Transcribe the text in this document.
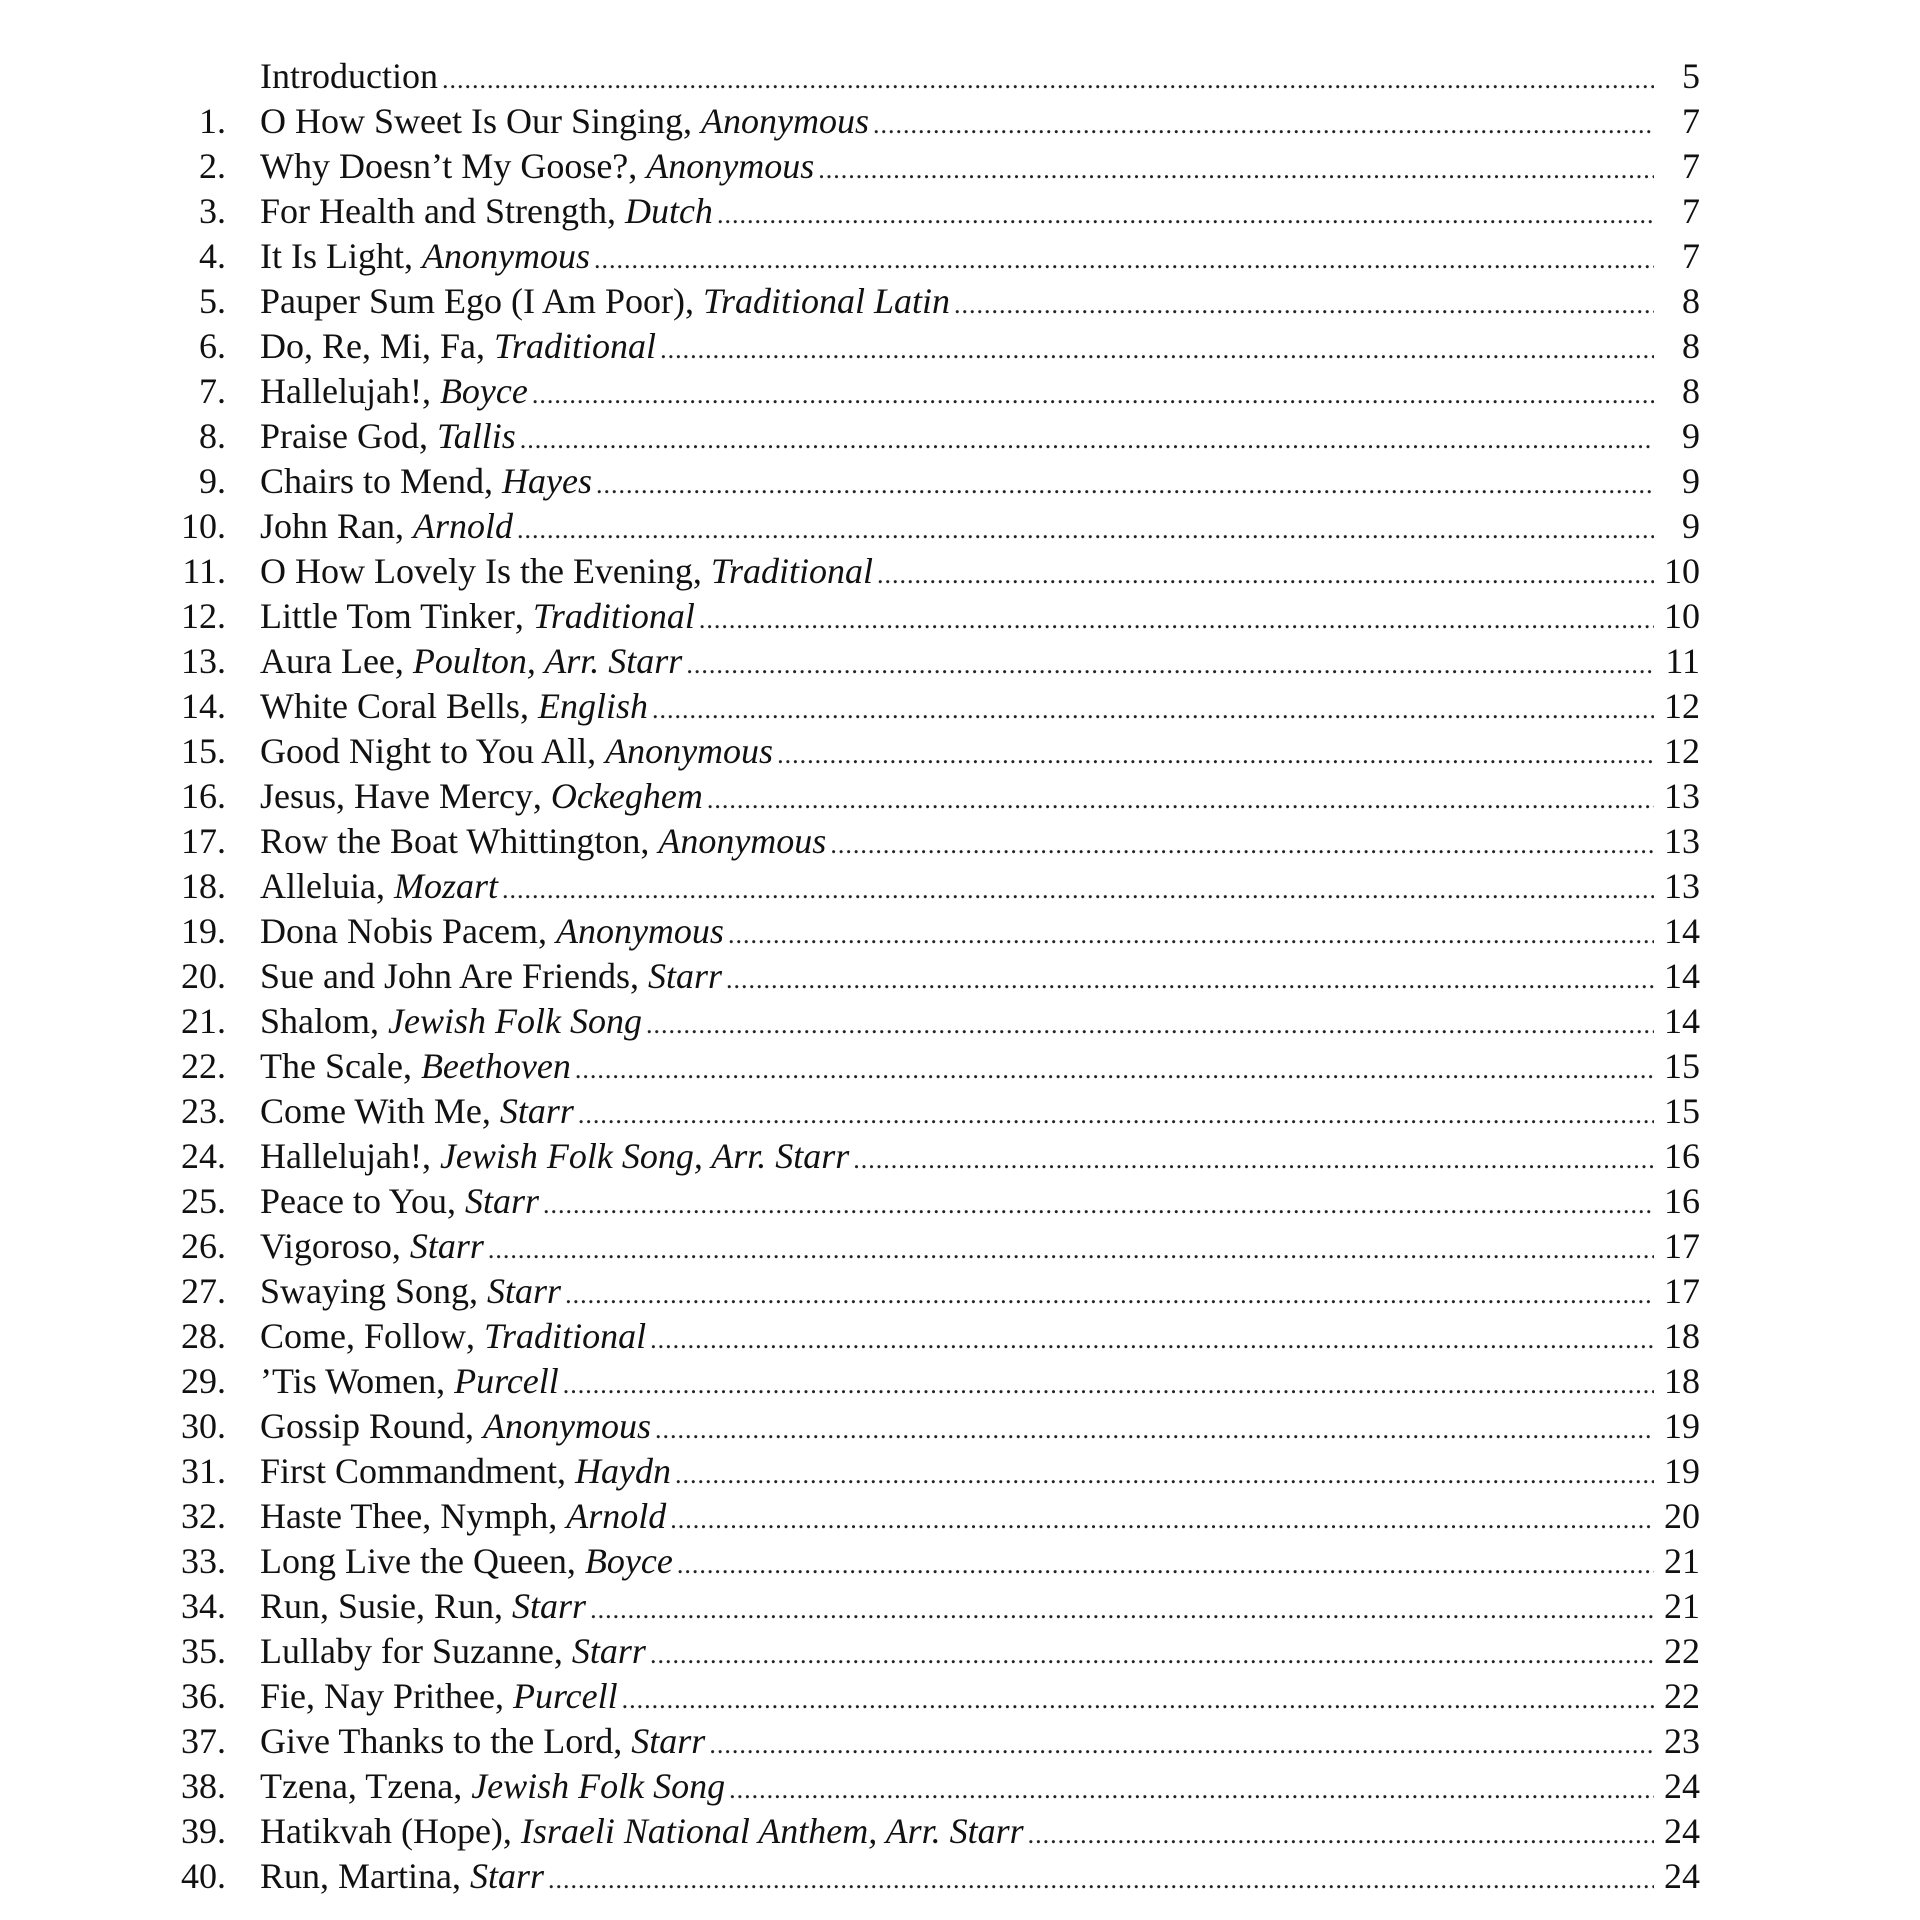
Introduction .....	5
1. O How Sweet Is Our Singing , Anonymous .....	7
2. Why Doesn’t My Goose? , Anonymous .....	7
3. For Health and Strength , Dutch .....	7
4. It Is Light , Anonymous .....	7
5. Pauper Sum Ego (I Am Poor) , Traditional Latin .....	8
6. Do, Re, Mi, Fa , Traditional .....	8
7. Hallelujah! , Boyce .....	8
8. Praise God , Tallis .....	9
9. Chairs to Mend , Hayes .....	9
10. John Ran , Arnold .....	9
11. O How Lovely Is the Evening , Traditional .....	10
12. Little Tom Tinker , Traditional .....	10
13. Aura Lee , Poulton, Arr. Starr .....	11
14. White Coral Bells , English .....	12
15. Good Night to You All , Anonymous .....	12
16. Jesus, Have Mercy , Ockeghem .....	13
17. Row the Boat Whittington , Anonymous .....	13
18. Alleluia , Mozart .....	13
19. Dona Nobis Pacem , Anonymous .....	14
20. Sue and John Are Friends , Starr .....	14
21. Shalom , Jewish Folk Song .....	14
22. The Scale , Beethoven .....	15
23. Come With Me , Starr .....	15
24. Hallelujah! , Jewish Folk Song, Arr. Starr .....	16
25. Peace to You , Starr .....	16
26. Vigoroso , Starr .....	17
27. Swaying Song , Starr .....	17
28. Come, Follow , Traditional .....	18
29. ’Tis Women , Purcell .....	18
30. Gossip Round , Anonymous .....	19
31. First Commandment , Haydn .....	19
32. Haste Thee, Nymph , Arnold .....	20
33. Long Live the Queen , Boyce .....	21
34. Run, Susie, Run , Starr .....	21
35. Lullaby for Suzanne , Starr .....	22
36. Fie, Nay Prithee , Purcell .....	22
37. Give Thanks to the Lord , Starr .....	23
38. Tzena, Tzena , Jewish Folk Song .....	24
39. Hatikvah (Hope) , Israeli National Anthem, Arr. Starr .....	24
40. Run, Martina , Starr .....	24
